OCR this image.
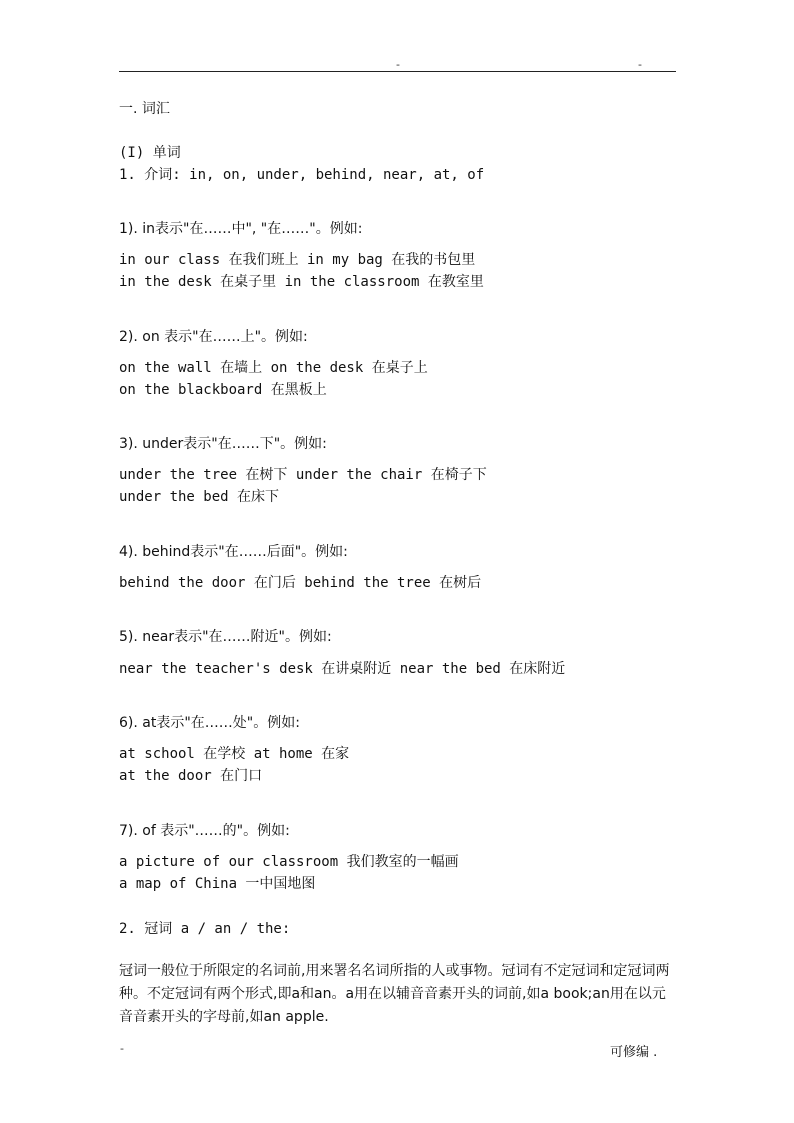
-	-
一. 词汇
(I) 单词
1. 介词: in, on, under, behind, near, at, of
1). in表示"在……中", "在……"。例如:
in our class 在我们班上 in my bag 在我的书包里
in the desk 在桌子里 in the classroom 在教室里
2). on 表示"在……上"。例如:
on the wall 在墙上 on the desk 在桌子上
on the blackboard 在黑板上
3). under表示"在……下"。例如:
under the tree 在树下 under the chair 在椅子下
under the bed 在床下
4). behind表示"在……后面"。例如:
behind the door 在门后 behind the tree 在树后
5). near表示"在……附近"。例如:
near the teacher's desk 在讲桌附近 near the bed 在床附近
6). at表示"在……处"。例如:
at school 在学校 at home 在家
at the door 在门口
7). of 表示"……的"。例如:
a picture of our classroom 我们教室的一幅画
a map of China 一中国地图
2. 冠词 a / an / the:
冠词一般位于所限定的名词前,用来署名名词所指的人或事物。冠词有不定冠词和定冠词两种。不定冠词有两个形式,即a和an。a用在以辅音音素开头的词前,如a book;an用在以元音音素开头的字母前,如an apple.
-	可修编 .
